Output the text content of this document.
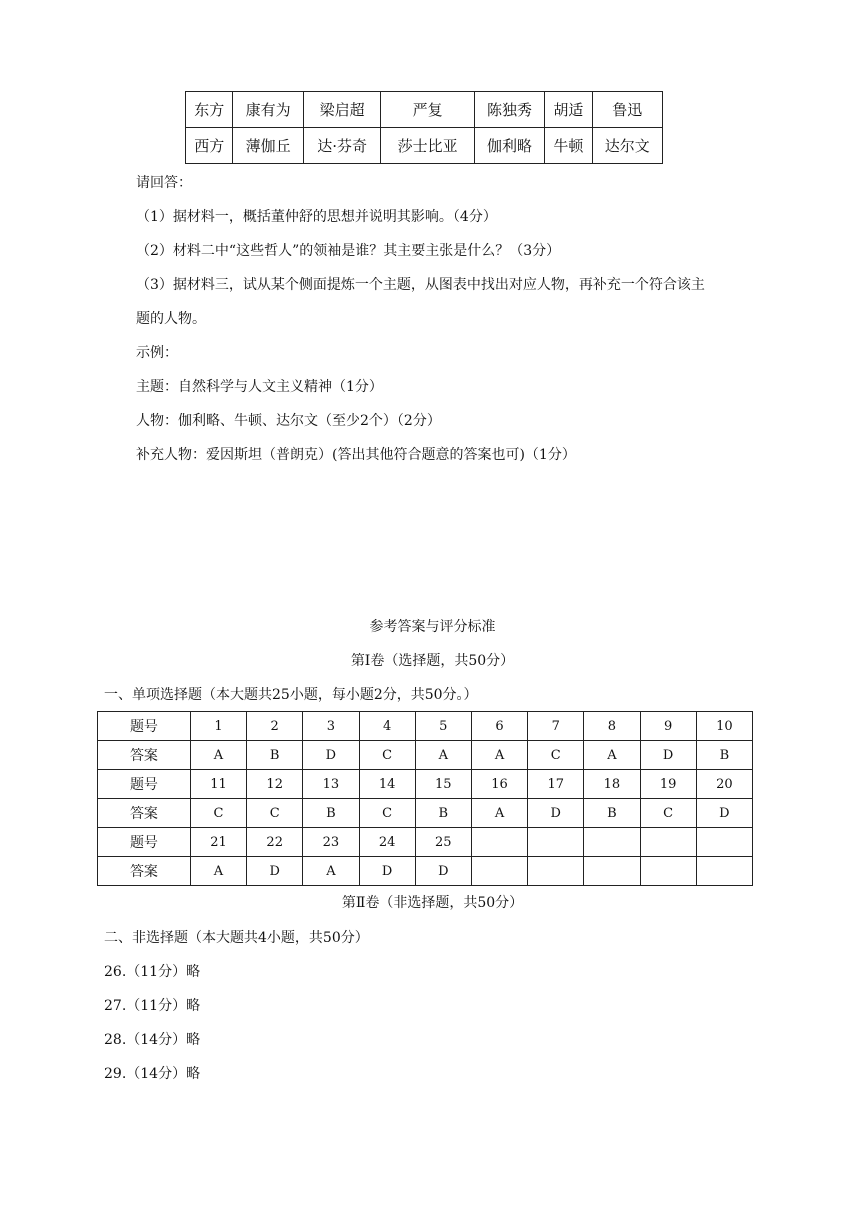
东方	康有为	梁启超	严复	陈独秀	胡适	鲁迅
西方	薄伽丘	达·芬奇	莎士比亚	伽利略	牛顿	达尔文
请回答：
（1）据材料一，概括董仲舒的思想并说明其影响。（4分）
（2）材料二中“这些哲人”的领袖是谁？其主要主张是什么？（3分）
（3）据材料三，试从某个侧面提炼一个主题，从图表中找出对应人物，再补充一个符合该主
题的人物。
示例：
主题：自然科学与人文主义精神（1分）
人物：伽利略、牛顿、达尔文（至少2个）（2分）
补充人物：爱因斯坦（普朗克）(答出其他符合题意的答案也可)（1分）
参考答案与评分标准
第Ⅰ卷（选择题，共50分）
一、单项选择题（本大题共25小题，每小题2分，共50分。）
题号	1	2	3	4	5	6	7	8	9	10
答案	A	B	D	C	A	A	C	A	D	B
题号	11	12	13	14	15	16	17	18	19	20
答案	C	C	B	C	B	A	D	B	C	D
题号	21	22	23	24	25					
答案	A	D	A	D	D					
第Ⅱ卷（非选择题，共50分）
二、非选择题（本大题共4小题，共50分）
26.（11分）略
27.（11分）略
28.（14分）略
29.（14分）略
